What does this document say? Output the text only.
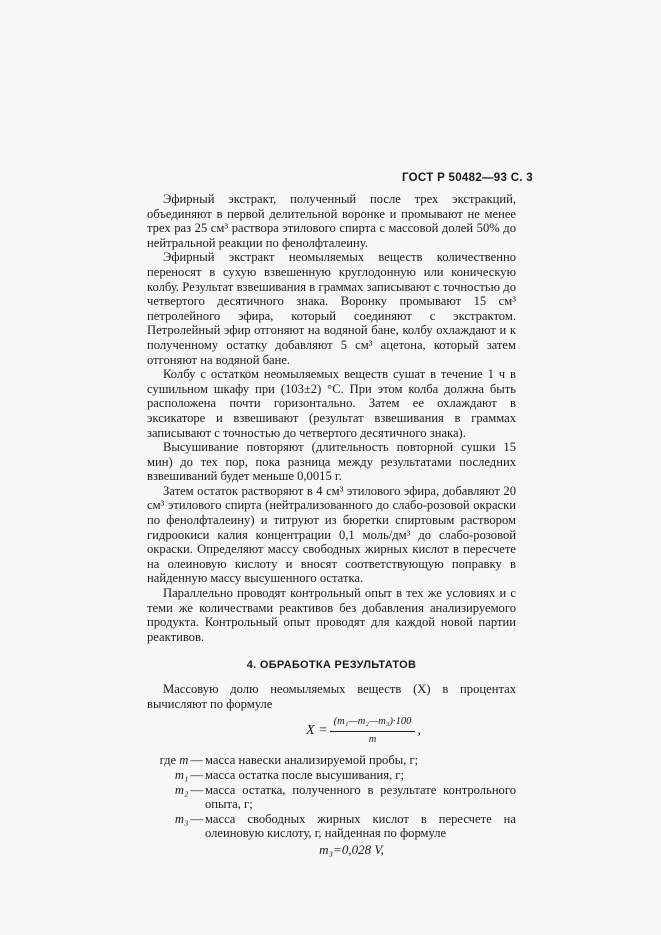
ГОСТ Р 50482—93 С. 3

Эфирный экстракт, полученный после трех экстракций, объединяют в первой делительной воронке и промывают не менее трех раз 25 см³ раствора этилового спирта с массовой долей 50% до нейтральной реакции по фенолфталеину.

Эфирный экстракт неомыляемых веществ количественно переносят в сухую взвешенную круглодонную или коническую колбу. Результат взвешивания в граммах записывают с точностью до четвертого десятичного знака. Воронку промывают 15 см³ петролейного эфира, который соединяют с экстрактом. Петролейный эфир отгоняют на водяной бане, колбу охлаждают и к полученному остатку добавляют 5 см³ ацетона, который затем отгоняют на водяной бане.

Колбу с остатком неомыляемых веществ сушат в течение 1 ч в сушильном шкафу при (103±2) °С. При этом колба должна быть расположена почти горизонтально. Затем ее охлаждают в эксикаторе и взвешивают (результат взвешивания в граммах записывают с точностью до четвертого десятичного знака).

Высушивание повторяют (длительность повторной сушки 15 мин) до тех пор, пока разница между результатами последних взвешиваний будет меньше 0,0015 г.

Затем остаток растворяют в 4 см³ этилового эфира, добавляют 20 см³ этилового спирта (нейтрализованного до слабо-розовой окраски по фенолфталеину) и титруют из бюретки спиртовым раствором гидроокиси калия концентрации 0,1 моль/дм³ до слабо-розовой окраски. Определяют массу свободных жирных кислот в пересчете на олеиновую кислоту и вносят соответствующую поправку в найденную массу высушенного остатка.

Параллельно проводят контрольный опыт в тех же условиях и с теми же количествами реактивов без добавления анализируемого продукта. Контрольный опыт проводят для каждой новой партии реактивов.

4. ОБРАБОТКА РЕЗУЛЬТАТОВ

Массовую долю неомыляемых веществ (X) в процентах вычисляют по формуле

$X = \frac{\text{(m₁—m₂—m₃)·100}}{m}$ ,
где m — масса навески анализируемой пробы, г;
m₁ — масса остатка после высушивания, г;
m₂ — масса остатка, полученного в результате контрольного опыта, г;
m₃ — масса свободных жирных кислот в пересчете на олеиновую кислоту, г, найденная по формуле
m₃=0,028 V,
